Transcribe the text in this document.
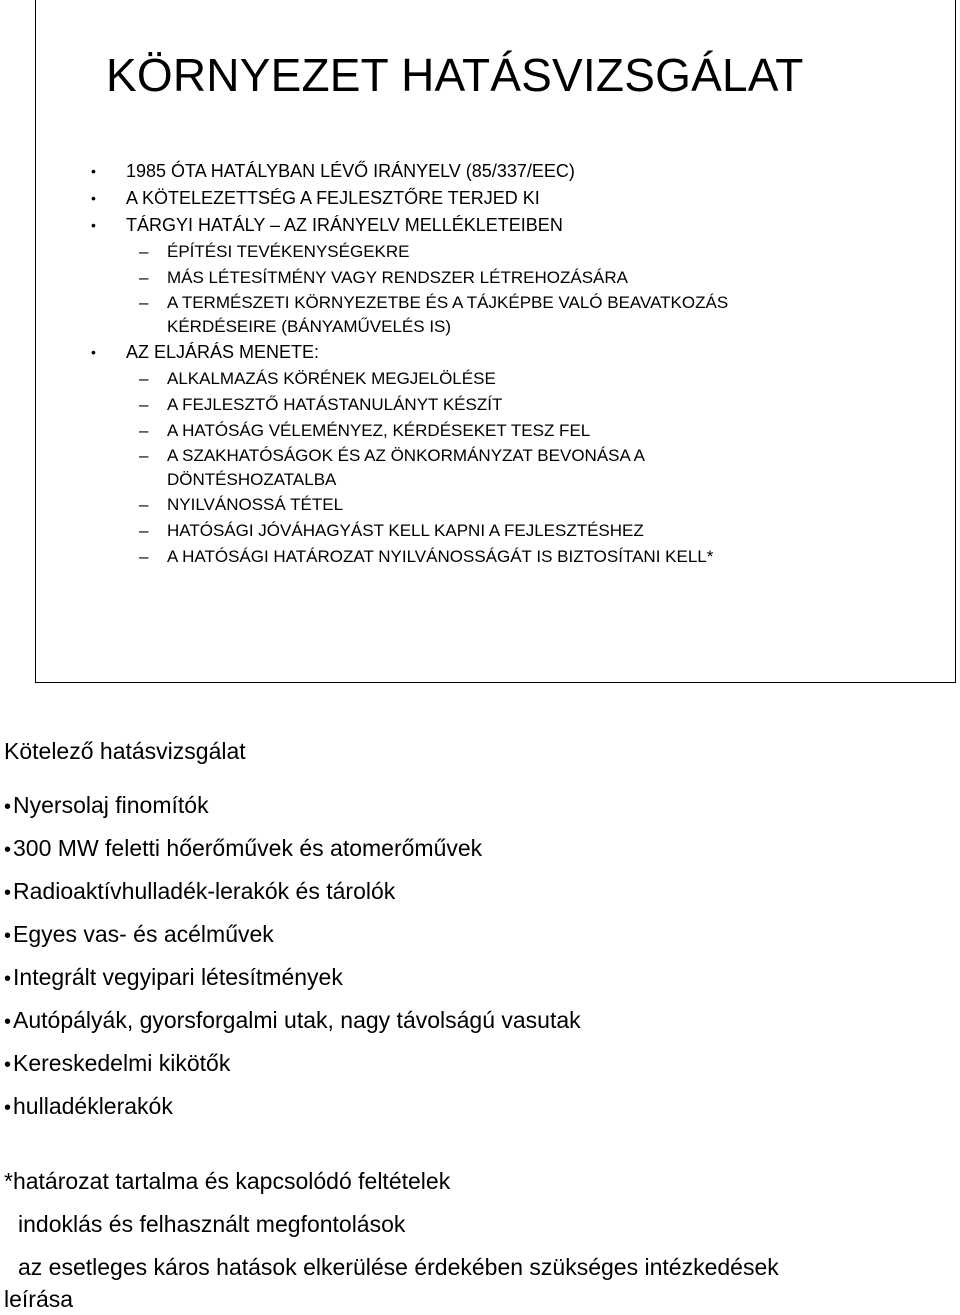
KÖRNYEZET HATÁSVIZSGÁLAT
• 1985 ÓTA HATÁLYBAN LÉVŐ IRÁNYELV (85/337/EEC)
• A KÖTELEZETTSÉG A FEJLESZTŐRE TERJED KI
• TÁRGYI HATÁLY – AZ IRÁNYELV MELLÉKLETEIBEN
– ÉPÍTÉSI TEVÉKENYSÉGEKRE
– MÁS LÉTESÍTMÉNY VAGY RENDSZER LÉTREHOZÁSÁRA
– A TERMÉSZETI KÖRNYEZETBE ÉS A TÁJKÉPBE VALÓ BEAVATKOZÁS
KÉRDÉSEIRE (BÁNYAMŰVELÉS IS)
• AZ ELJÁRÁS MENETE:
– ALKALMAZÁS KÖRÉNEK MEGJELÖLÉSE
– A FEJLESZTŐ HATÁSTANULÁNYT KÉSZÍT
– A HATÓSÁG VÉLEMÉNYEZ, KÉRDÉSEKET TESZ FEL
– A SZAKHATÓSÁGOK ÉS AZ ÖNKORMÁNYZAT BEVONÁSA A
DÖNTÉSHOZATALBA
– NYILVÁNOSSÁ TÉTEL
– HATÓSÁGI JÓVÁHAGYÁST KELL KAPNI A FEJLESZTÉSHEZ
– A HATÓSÁGI HATÁROZAT NYILVÁNOSSÁGÁT IS BIZTOSÍTANI KELL*
Kötelező hatásvizsgálat
•Nyersolaj finomítók
•300 MW feletti hőerőművek és atomerőművek
•Radioaktívhulladék-lerakók és tárolók
•Egyes vas- és acélművek
•Integrált vegyipari létesítmények
•Autópályák, gyorsforgalmi utak, nagy távolságú vasutak
•Kereskedelmi kikötők
•hulladéklerakók
*határozat tartalma és kapcsolódó feltételek
indoklás és felhasznált megfontolások
az esetleges káros hatások elkerülése érdekében szükséges intézkedések
leírása
